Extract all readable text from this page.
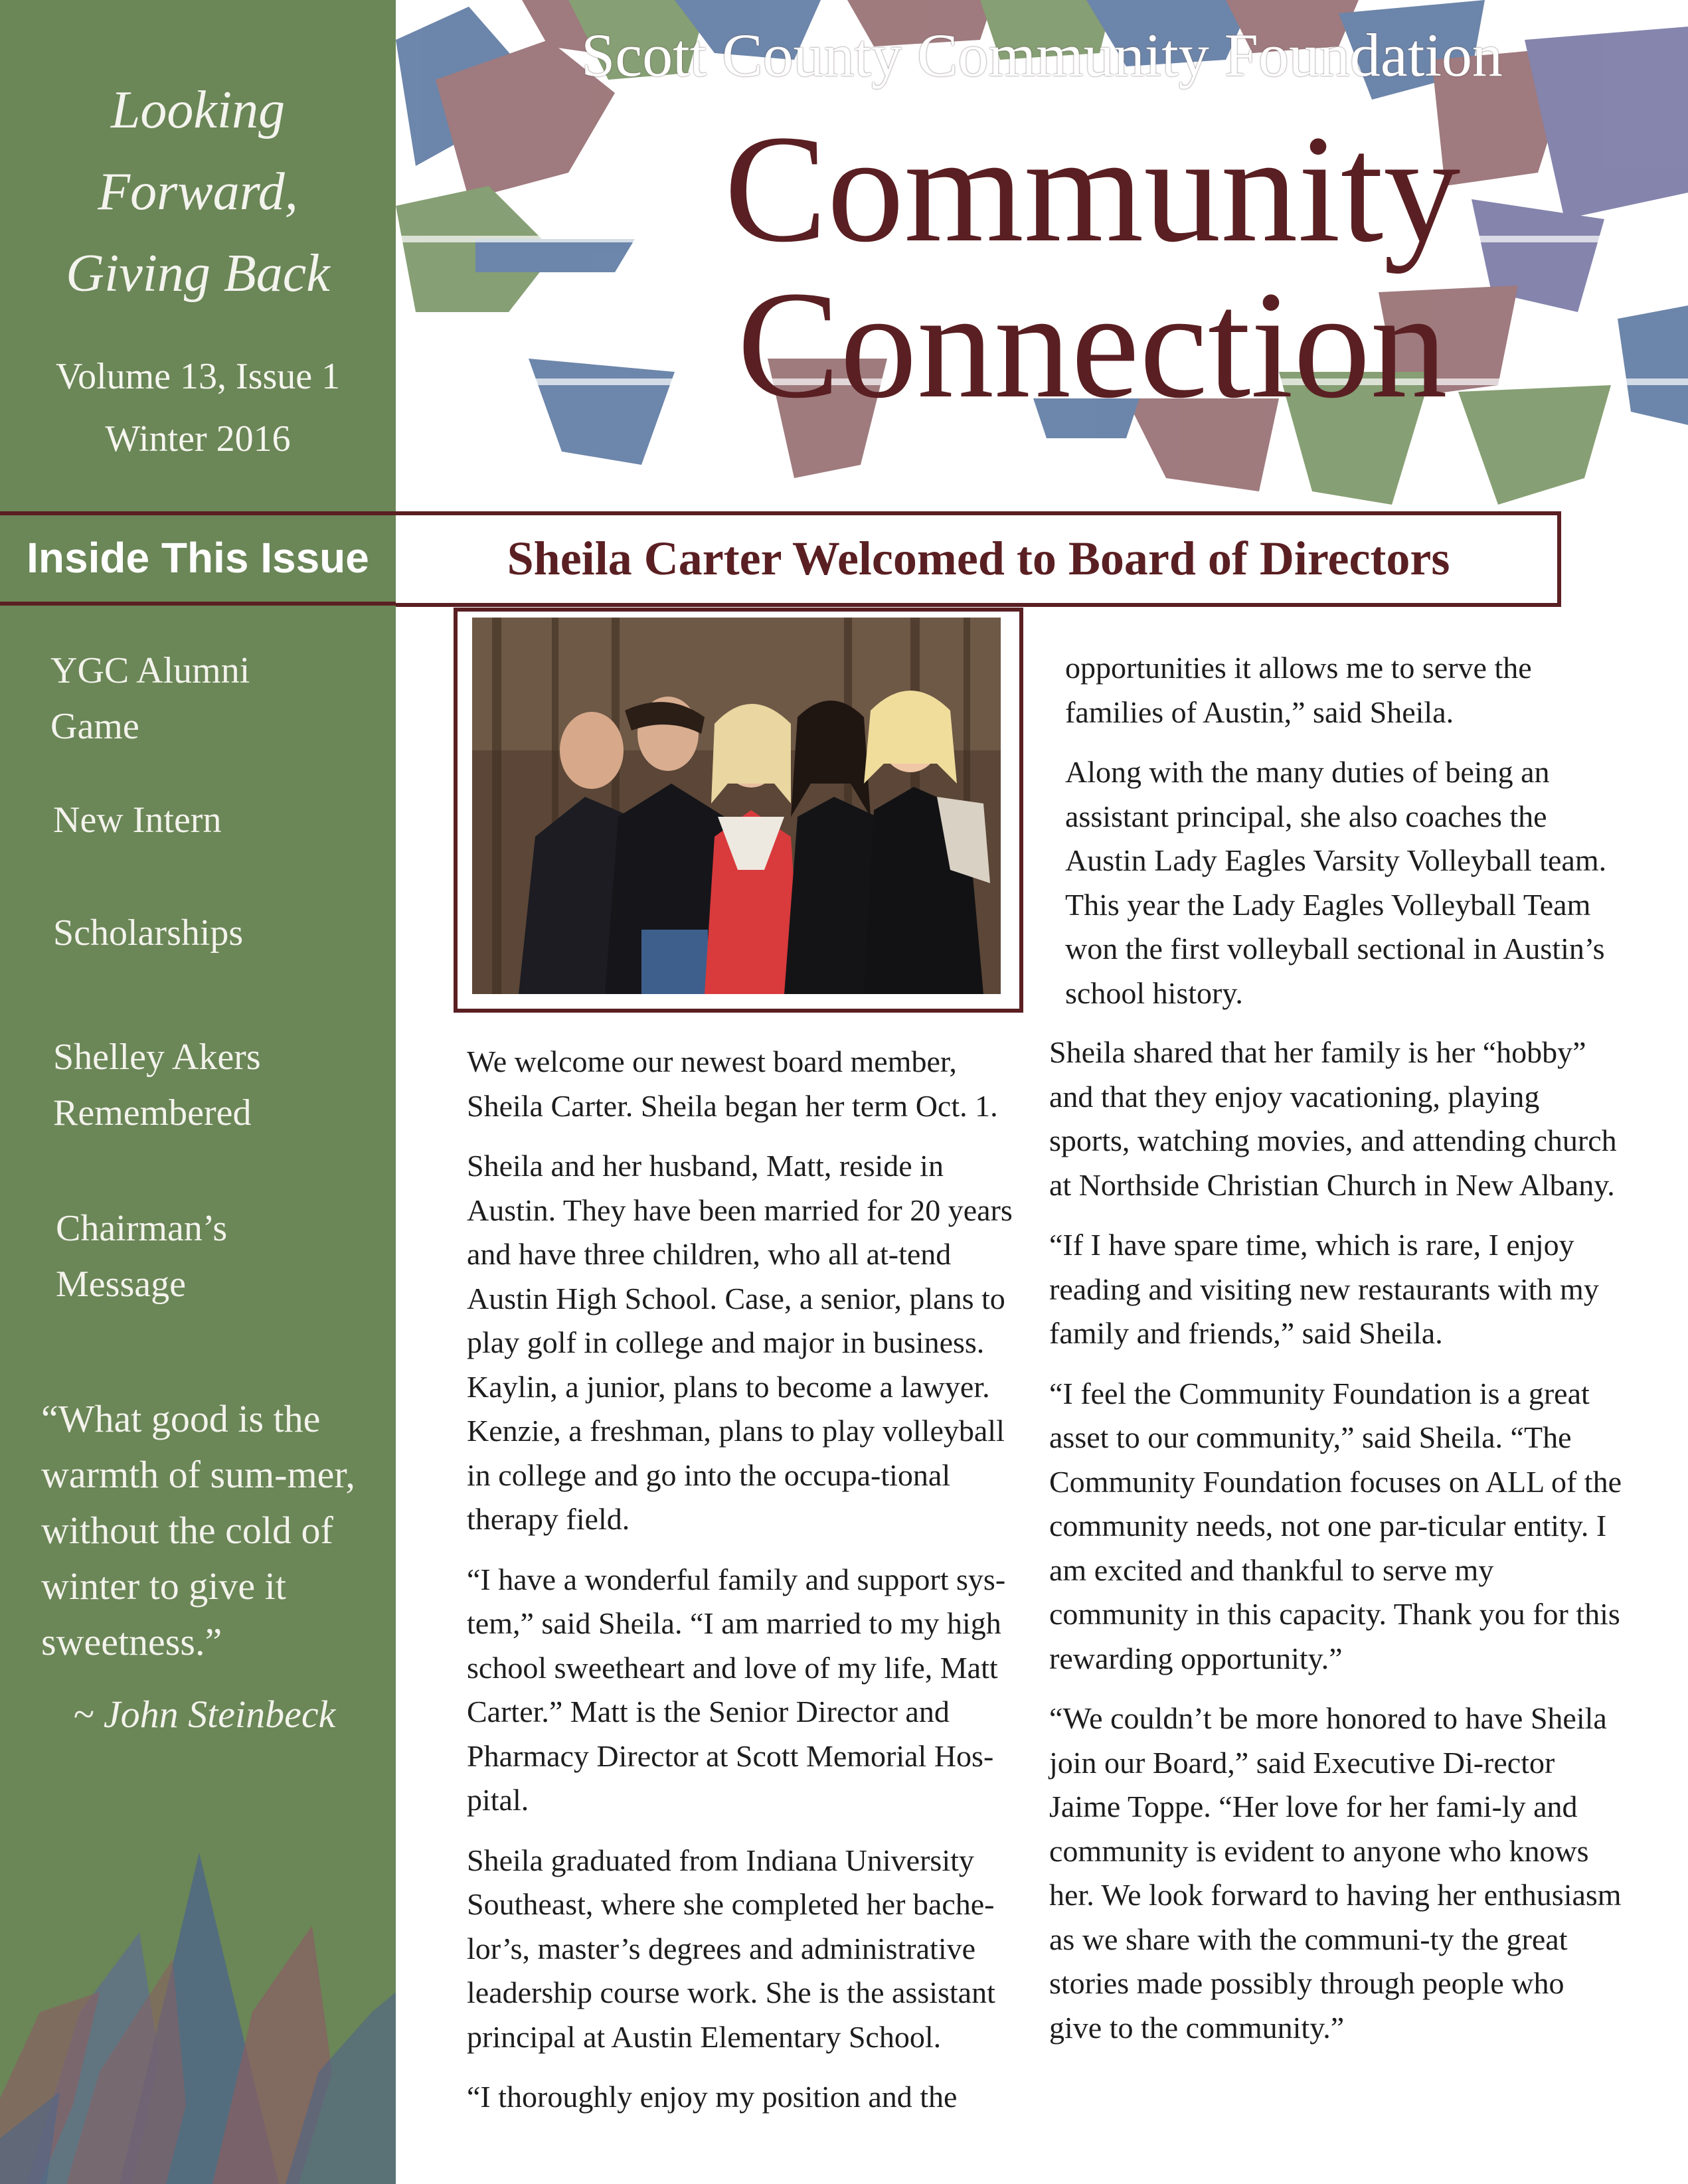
Looking
Forward,
Giving Back
Volume 13, Issue 1
Winter 2016
Inside This Issue
YGC Alumni
Game
New Intern
Scholarships
Shelley Akers
Remembered
Chairman’s
Message
“What good is the warmth of sum-mer, without the cold of winter to give it sweetness.”
~ John Steinbeck
Scott County Community Foundation
Community
Connection
Sheila Carter Welcomed to Board of Directors

We welcome our newest board member, Sheila Carter. Sheila began her term Oct. 1.

Sheila and her husband, Matt, reside in Austin. They have been married for 20 years and have three children, who all at-tend Austin High School. Case, a senior, plans to play golf in college and major in business. Kaylin, a junior, plans to become a lawyer. Kenzie, a freshman, plans to play volleyball in college and go into the occupa-tional therapy field.

“I have a wonderful family and support sys-tem,” said Sheila. “I am married to my high school sweetheart and love of my life, Matt Carter.” Matt is the Senior Director and Pharmacy Director at Scott Memorial Hos-pital.

Sheila graduated from Indiana University Southeast, where she completed her bache-lor’s, master’s degrees and administrative leadership course work. She is the assistant principal at Austin Elementary School.

“I thoroughly enjoy my position and the

opportunities it allows me to serve the families of Austin,” said Sheila.

Along with the many duties of being an assistant principal, she also coaches the Austin Lady Eagles Varsity Volleyball team. This year the Lady Eagles Volleyball Team won the first volleyball sectional in Austin’s school history.

Sheila shared that her family is her “hobby” and that they enjoy vacationing, playing sports, watching movies, and attending church at Northside Christian Church in New Albany.

“If I have spare time, which is rare, I enjoy reading and visiting new restaurants with my family and friends,” said Sheila.

“I feel the Community Foundation is a great asset to our community,” said Sheila. “The Community Foundation focuses on ALL of the community needs, not one par-ticular entity. I am excited and thankful to serve my community in this capacity. Thank you for this rewarding opportunity.”

“We couldn’t be more honored to have Sheila join our Board,” said Executive Di-rector Jaime Toppe. “Her love for her fami-ly and community is evident to anyone who knows her. We look forward to having her enthusiasm as we share with the communi-ty the great stories made possibly through people who give to the community.”
